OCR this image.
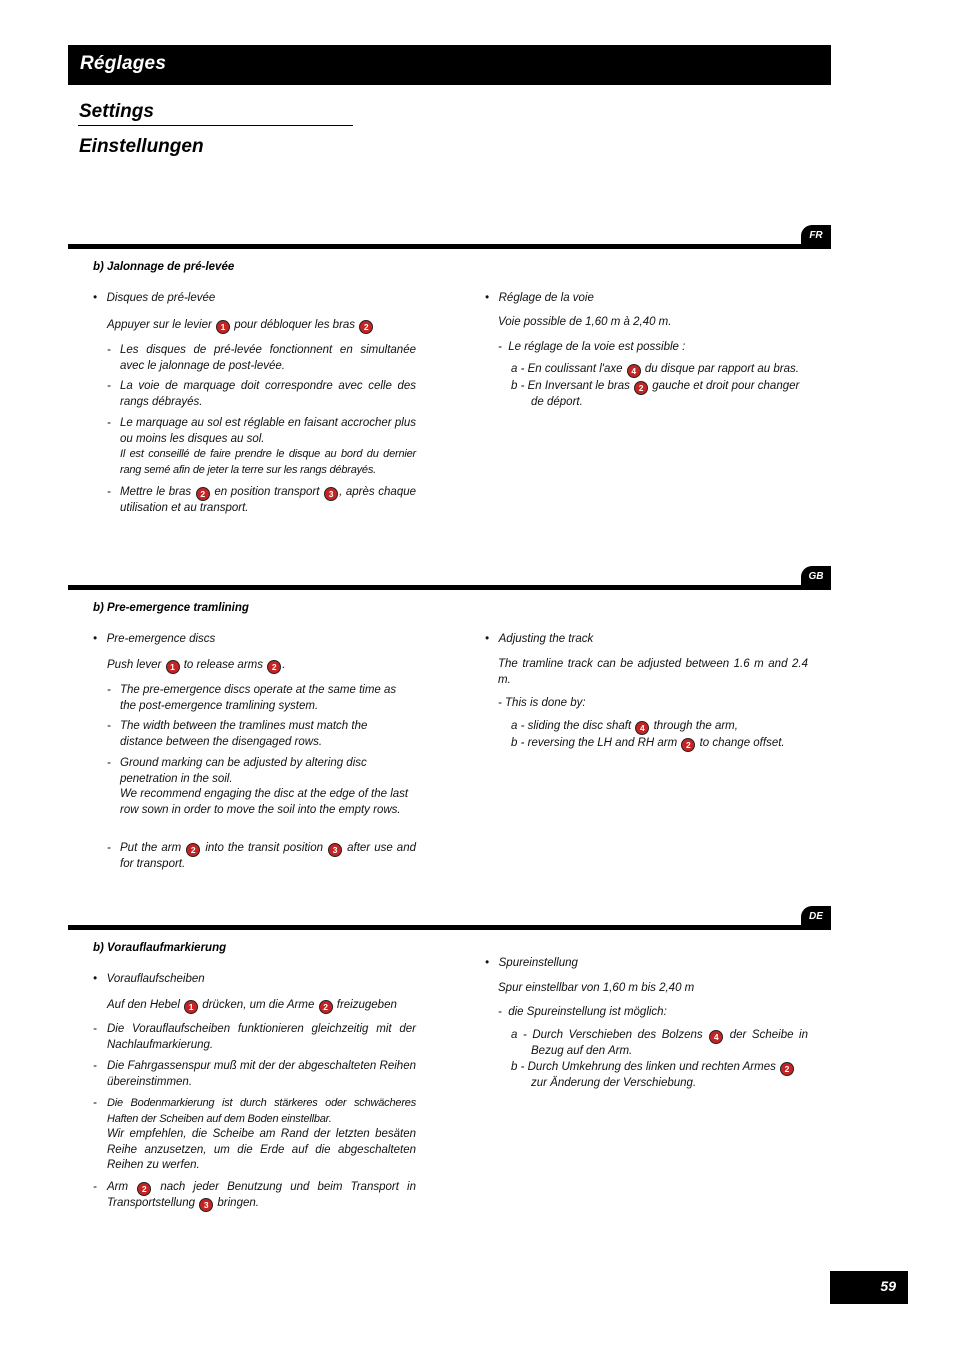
Réglages
Settings
Einstellungen
FR
b) Jalonnage de pré-levée
•   Disques de pré-levée
Appuyer sur le levier 1 pour débloquer les bras 2
- Les disques de pré-levée fonctionnent en simultanée avec le jalonnage de post-levée.
- La voie de marquage doit correspondre avec celle des rangs débrayés.
- Le marquage au sol est réglable en faisant accrocher plus ou moins les disques au sol.
Il est conseillé de faire prendre le disque au bord du dernier rang semé afin de jeter la terre sur les rangs débrayés.
- Mettre le bras 2 en position transport 3 , après chaque utilisation et au transport.
•   Réglage de la voie
Voie possible de 1,60 m à 2,40 m.
-  Le réglage de la voie est possible :
a - En coulissant l'axe 4 du disque par rapport au bras.
b - En Inversant le bras 2 gauche et droit pour changer de déport.
GB
b) Pre-emergence tramlining
•   Pre-emergence discs
Push lever 1 to release arms 2 .
- The pre-emergence discs operate at the same time as the post-emergence tramlining system.
- The width between the tramlines must match the distance between the disengaged rows.
- Ground marking can be adjusted by altering disc penetration in the soil.
We recommend engaging the disc at the edge of the last row sown in order to move the soil into the empty rows.
- Put the arm 2 into the transit position 3 after use and for transport.
•   Adjusting the track
The tramline track can be adjusted between 1.6 m and 2.4 m.
- This is done by:
a - sliding the disc shaft 4 through the arm,
b - reversing the LH and RH arm 2 to change offset.
DE
b) Vorauflaufmarkierung
•   Vorauflaufscheiben
Auf den Hebel 1 drücken, um die Arme 2 freizugeben
- Die Vorauflaufscheiben funktionieren gleichzeitig mit der Nachlaufmarkierung.
- Die Fahrgassenspur muß mit der der abgeschalteten Reihen übereinstimmen.
- Die Bodenmarkierung ist durch stärkeres oder schwächeres Haften der Scheiben auf dem Boden einstellbar.
Wir empfehlen, die Scheibe am Rand der letzten besäten Reihe anzusetzen, um die Erde auf die abgeschalteten Reihen zu werfen.
- Arm 2 nach jeder Benutzung und beim Transport in Transportstellung 3 bringen.
•   Spureinstellung
Spur einstellbar von 1,60 m bis 2,40 m
-  die Spureinstellung ist möglich:
a - Durch Verschieben des Bolzens 4 der Scheibe in Bezug auf den Arm.
b - Durch Umkehrung des linken und rechten Armes 2 zur Änderung der Verschiebung.
59
